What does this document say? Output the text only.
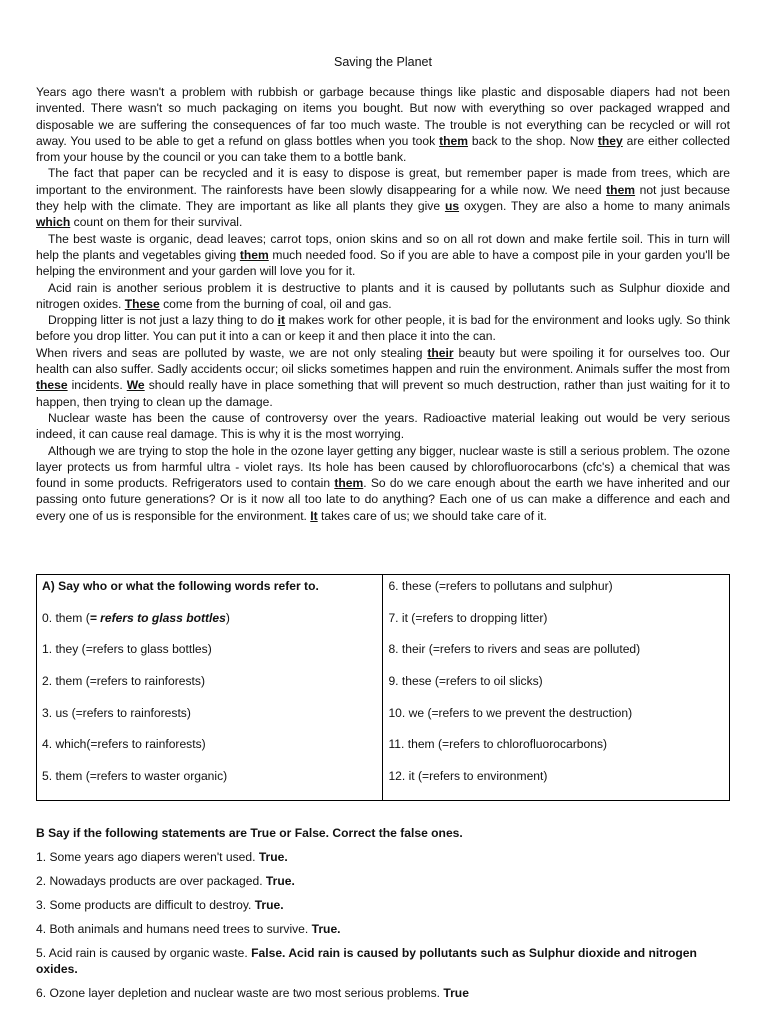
Saving the Planet

Years ago there wasn't a problem with rubbish or garbage because things like plastic and disposable diapers had not been invented. There wasn't so much packaging on items you bought. But now with everything so over packaged wrapped and disposable we are suffering the consequences of far too much waste. The trouble is not everything can be recycled or will rot away. You used to be able to get a refund on glass bottles when you took them back to the shop. Now they are either collected from your house by the council or you can take them to a bottle bank.

The fact that paper can be recycled and it is easy to dispose is great, but remember paper is made from trees, which are important to the environment. The rainforests have been slowly disappearing for a while now. We need them not just because they help with the climate. They are important as like all plants they give us oxygen. They are also a home to many animals which count on them for their survival.

The best waste is organic, dead leaves; carrot tops, onion skins and so on all rot down and make fertile soil. This in turn will help the plants and vegetables giving them much needed food. So if you are able to have a compost pile in your garden you'll be helping the environment and your garden will love you for it.

Acid rain is another serious problem it is destructive to plants and it is caused by pollutants such as Sulphur dioxide and nitrogen oxides. These come from the burning of coal, oil and gas.

Dropping litter is not just a lazy thing to do it makes work for other people, it is bad for the environment and looks ugly. So think before you drop litter. You can put it into a can or keep it and then place it into the can.

When rivers and seas are polluted by waste, we are not only stealing their beauty but were spoiling it for ourselves too. Our health can also suffer. Sadly accidents occur; oil slicks sometimes happen and ruin the environment. Animals suffer the most from these incidents. We should really have in place something that will prevent so much destruction, rather than just waiting for it to happen, then trying to clean up the damage.

Nuclear waste has been the cause of controversy over the years. Radioactive material leaking out would be very serious indeed, it can cause real damage. This is why it is the most worrying.

Although we are trying to stop the hole in the ozone layer getting any bigger, nuclear waste is still a serious problem. The ozone layer protects us from harmful ultra - violet rays. Its hole has been caused by chlorofluorocarbons (cfc's) a chemical that was found in some products. Refrigerators used to contain them. So do we care enough about the earth we have inherited and our passing onto future generations? Or is it now all too late to do anything? Each one of us can make a difference and each and every one of us is responsible for the environment. It takes care of us; we should take care of it.

A) Say who or what the following words refer to.
0. them (= refers to glass bottles)
1. they (=refers to glass bottles)
2. them (=refers to rainforests)
3. us (=refers to rainforests)
4. which(=refers to rainforests)
5. them (=refers to waster organic)

6. these (=refers to pollutans and sulphur)
7. it (=refers to dropping litter)
8. their (=refers to rivers and seas are polluted)
9. these (=refers to oil slicks)
10. we (=refers to we prevent the destruction)
11. them (=refers to chlorofluorocarbons)
12. it (=refers to environment)
B Say if the following statements are True or False. Correct the false ones.
1. Some years ago diapers weren't used. True.
2. Nowadays products are over packaged. True.
3. Some products are difficult to destroy. True.
4. Both animals and humans need trees to survive. True.
5. Acid rain is caused by organic waste. False. Acid rain is caused by pollutants such as Sulphur dioxide and nitrogen oxides.
6. Ozone layer depletion and nuclear waste are two most serious problems. True
